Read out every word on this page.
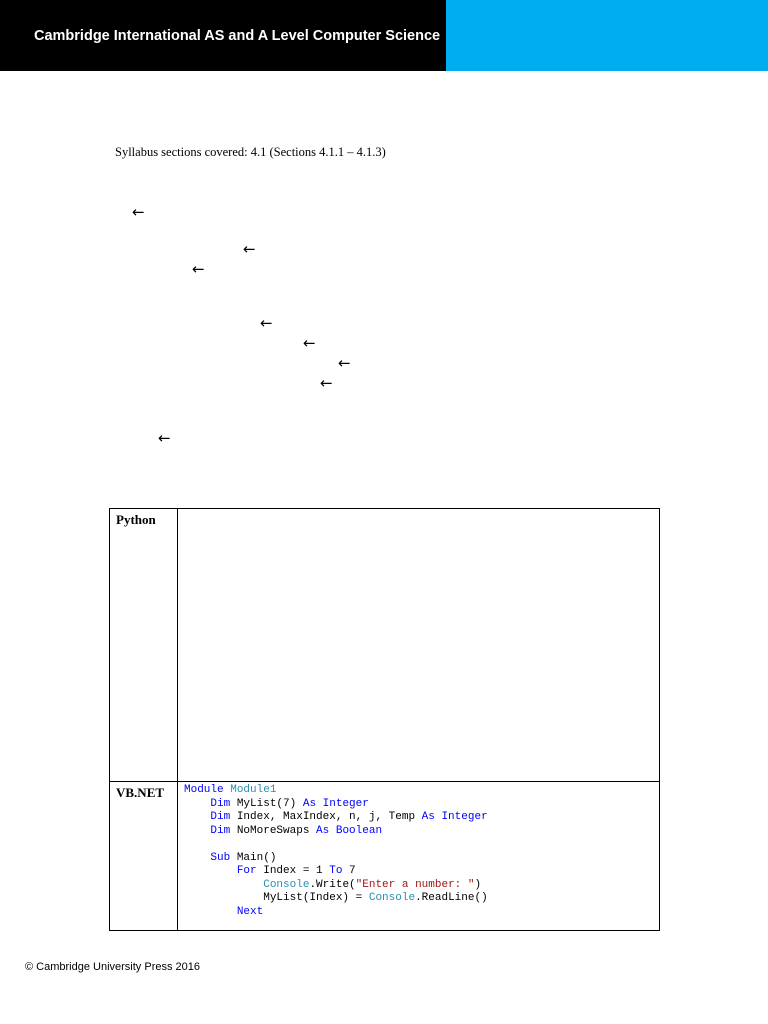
Cambridge International AS and A Level Computer Science
Syllabus sections covered: 4.1 (Sections 4.1.1 – 4.1.3)
←
←
←
←
←
←
←
←
Python
VB.NET Module Module1
Dim MyList(7) As Integer
Dim Index, MaxIndex, n, j, Temp As Integer
Dim NoMoreSwaps As Boolean

Sub Main()
For Index = 1 To 7
Console.Write("Enter a number: ")
MyList(Index) = Console.ReadLine()
Next
© Cambridge University Press 2016
